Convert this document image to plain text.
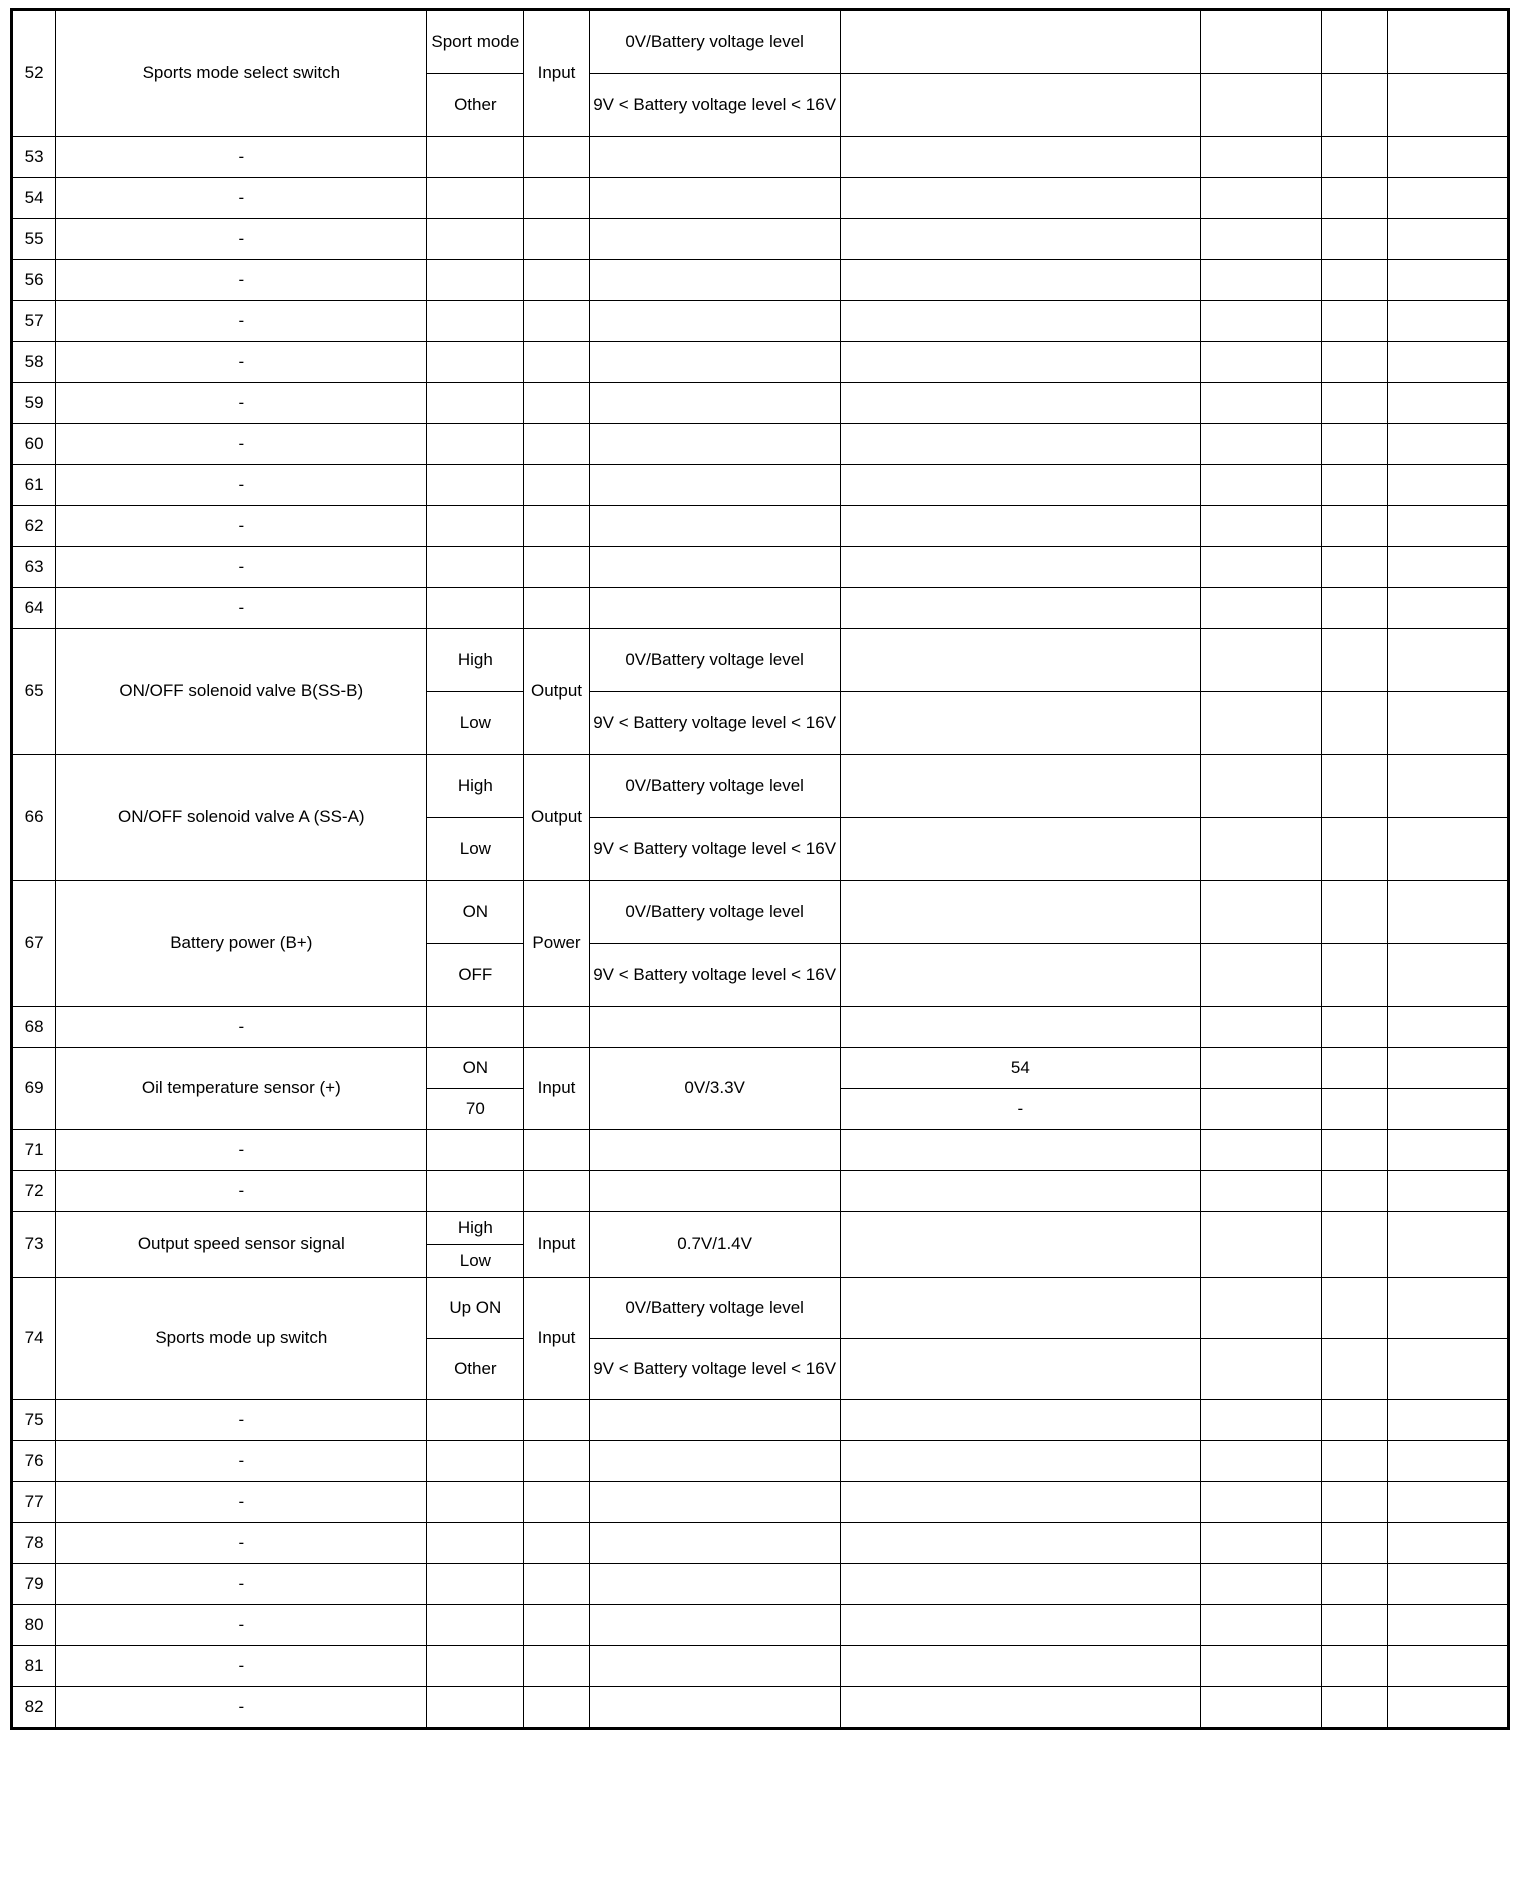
52	Sports mode select switch	Sport mode	Input	0V/Battery voltage level				
		Other		9V < Battery voltage level < 16V				
53	-							
54	-							
55	-							
56	-							
57	-							
58	-							
59	-							
60	-							
61	-							
62	-							
63	-							
64	-							
65	ON/OFF solenoid valve B(SS-B)	High	Output	0V/Battery voltage level				
		Low		9V < Battery voltage level < 16V				
66	ON/OFF solenoid valve A (SS-A)	High	Output	0V/Battery voltage level				
		Low		9V < Battery voltage level < 16V				
67	Battery power (B+)	ON	Power	0V/Battery voltage level				
		OFF		9V < Battery voltage level < 16V				
68	-							
69	Oil temperature sensor (+)	ON	Input	0V/3.3V	54			
		70			-			
71	-							
72	-							
73	Output speed sensor signal	High	Input	0.7V/1.4V				
		Low						
74	Sports mode up switch	Up ON	Input	0V/Battery voltage level				
		Other		9V < Battery voltage level < 16V				
75	-							
76	-							
77	-							
78	-							
79	-							
80	-							
81	-							
82	-							
